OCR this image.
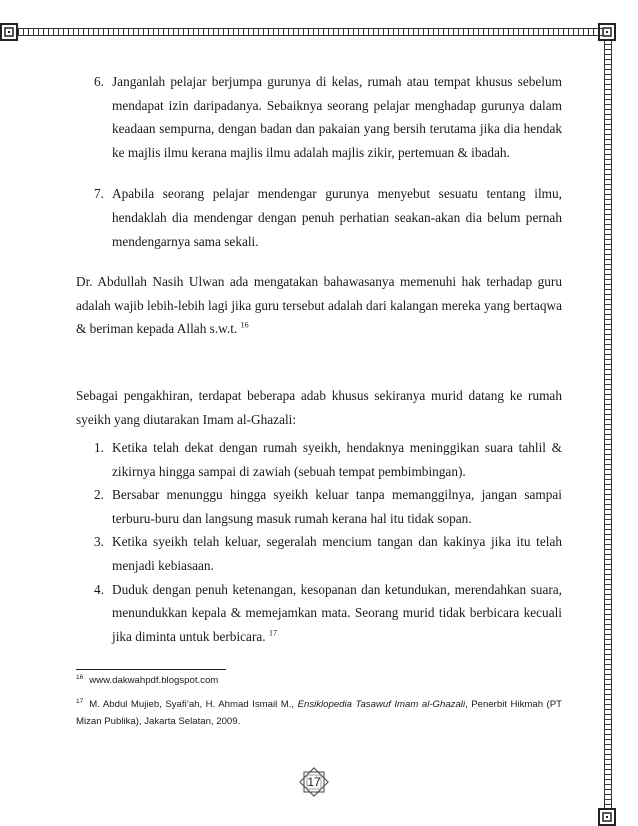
6. Janganlah pelajar berjumpa gurunya di kelas, rumah atau tempat khusus sebelum mendapat izin daripadanya. Sebaiknya seorang pelajar menghadap gurunya dalam keadaan sempurna, dengan badan dan pakaian yang bersih terutama jika dia hendak ke majlis ilmu kerana majlis ilmu adalah majlis zikir, pertemuan & ibadah.
7. Apabila seorang pelajar mendengar gurunya menyebut sesuatu tentang ilmu, hendaklah dia mendengar dengan penuh perhatian seakan-akan dia belum pernah mendengarnya sama sekali.
Dr. Abdullah Nasih Ulwan ada mengatakan bahawasanya memenuhi hak terhadap guru adalah wajib lebih-lebih lagi jika guru tersebut adalah dari kalangan mereka yang bertaqwa & beriman kepada Allah s.w.t. $^{16}$
Sebagai pengakhiran, terdapat beberapa adab khusus sekiranya murid datang ke rumah syeikh yang diutarakan Imam al-Ghazali:
1. Ketika telah dekat dengan rumah syeikh, hendaknya meninggikan suara tahlil & zikirnya hingga sampai di zawiah (sebuah tempat pembimbingan).
2. Bersabar menunggu hingga syeikh keluar tanpa memanggilnya, jangan sampai terburu-buru dan langsung masuk rumah kerana hal itu tidak sopan.
3. Ketika syeikh telah keluar, segeralah mencium tangan dan kakinya jika itu telah menjadi kebiasaan.
4. Duduk dengan penuh ketenangan, kesopanan dan ketundukan, merendahkan suara, menundukkan kepala & memejamkan mata. Seorang murid tidak berbicara kecuali jika diminta untuk berbicara. $^{17}$
$^{16}$ www.dakwahpdf.blogspot.com
$^{17}$ M. Abdul Mujieb, Syafi’ah, H. Ahmad Ismail M., Ensiklopedia Tasawuf Imam al-Ghazali, Penerbit Hikmah (PT Mizan Publika), Jakarta Selatan, 2009.
17
